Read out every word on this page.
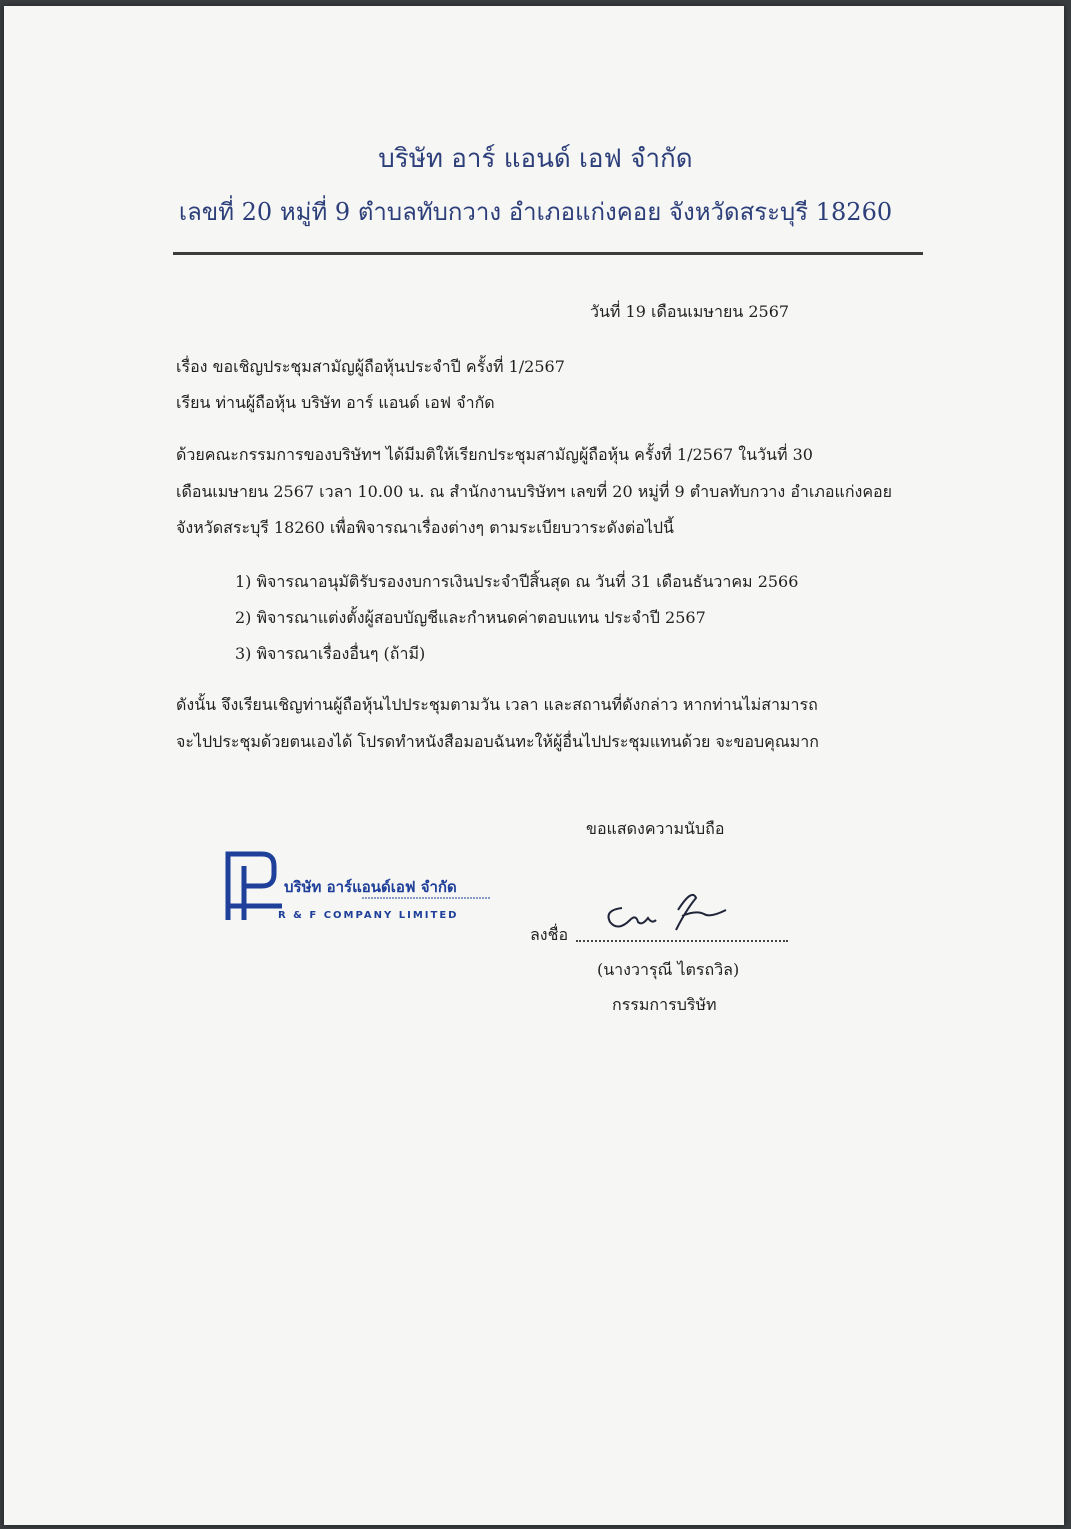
บริษัท อาร์ แอนด์ เอฟ จำกัด
เลขที่ 20 หมู่ที่ 9 ตำบลทับกวาง อำเภอแก่งคอย จังหวัดสระบุรี 18260
วันที่ 19 เดือนเมษายน 2567
เรื่อง ขอเชิญประชุมสามัญผู้ถือหุ้นประจำปี ครั้งที่ 1/2567
เรียน ท่านผู้ถือหุ้น บริษัท อาร์ แอนด์ เอฟ จำกัด
ด้วยคณะกรรมการของบริษัทฯ ได้มีมติให้เรียกประชุมสามัญผู้ถือหุ้น ครั้งที่ 1/2567 ในวันที่ 30
เดือนเมษายน 2567 เวลา 10.00 น. ณ สำนักงานบริษัทฯ เลขที่ 20 หมู่ที่ 9 ตำบลทับกวาง อำเภอแก่งคอย
จังหวัดสระบุรี 18260 เพื่อพิจารณาเรื่องต่างๆ ตามระเบียบวาระดังต่อไปนี้
1) พิจารณาอนุมัติรับรองงบการเงินประจำปีสิ้นสุด ณ วันที่ 31 เดือนธันวาคม 2566
2) พิจารณาแต่งตั้งผู้สอบบัญชีและกำหนดค่าตอบแทน ประจำปี 2567
3) พิจารณาเรื่องอื่นๆ (ถ้ามี)
ดังนั้น จึงเรียนเชิญท่านผู้ถือหุ้นไปประชุมตามวัน เวลา และสถานที่ดังกล่าว หากท่านไม่สามารถ
จะไปประชุมด้วยตนเองได้ โปรดทำหนังสือมอบฉันทะให้ผู้อื่นไปประชุมแทนด้วย จะขอบคุณมาก
ขอแสดงความนับถือ
บริษัท อาร์แอนด์เอฟ จำกัด
R & F COMPANY LIMITED
ลงชื่อ
(นางวารุณี ไตรถวิล)
กรรมการบริษัท
